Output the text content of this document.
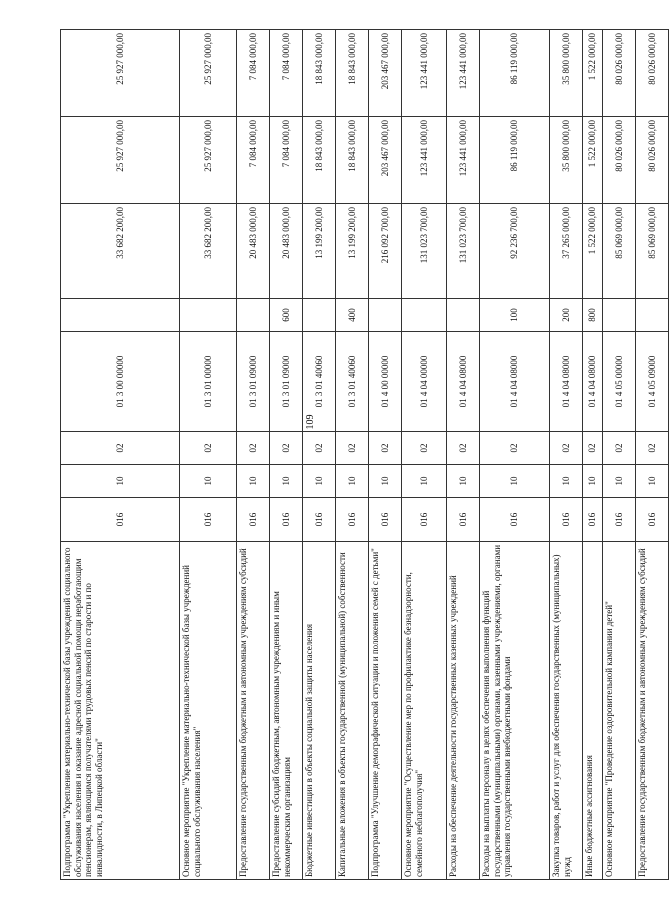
109
Подпрограмма "Укрепление материально-технической базы учреждений социального обслуживания населения и оказание адресной социальной помощи неработающим пенсионерам, являющимся получателями трудовых пенсий по старости и по инвалидности, в Липецкой области"	016	10	02	01 3 00 00000		33 682 200,00	25 927 000,00	25 927 000,00
Основное мероприятие "Укрепление материально-технической базы учреждений социального обслуживания населения"	016	10	02	01 3 01 00000		33 682 200,00	25 927 000,00	25 927 000,00
Предоставление государственным бюджетным и автономным учреждениям субсидий	016	10	02	01 3 01 09000		20 483 000,00	7 084 000,00	7 084 000,00
Предоставление субсидий бюджетным, автономным учреждениям и иным некоммерческим организациям	016	10	02	01 3 01 09000	600	20 483 000,00	7 084 000,00	7 084 000,00
Бюджетные инвестиции в объекты социальной защиты населения	016	10	02	01 3 01 40060		13 199 200,00	18 843 000,00	18 843 000,00
Капитальные вложения в объекты государственной (муниципальной) собственности	016	10	02	01 3 01 40060	400	13 199 200,00	18 843 000,00	18 843 000,00
Подпрограмма "Улучшение демографической ситуации и положения семей с детьми"	016	10	02	01 4 00 00000		216 092 700,00	203 467 000,00	203 467 000,00
Основное мероприятие "Осуществление мер по профилактике безнадзорности, семейного неблагополучия"	016	10	02	01 4 04 00000		131 023 700,00	123 441 000,00	123 441 000,00
Расходы на обеспечение деятельности государственных казенных учреждений	016	10	02	01 4 04 08000		131 023 700,00	123 441 000,00	123 441 000,00
Расходы на выплаты персоналу в целях обеспечения выполнения функций государственными (муниципальными) органами, казенными учреждениями, органами управления государственными внебюджетными фондами	016	10	02	01 4 04 08000	100	92 236 700,00	86 119 000,00	86 119 000,00
Закупка товаров, работ и услуг для обеспечения государственных (муниципальных) нужд	016	10	02	01 4 04 08000	200	37 265 000,00	35 800 000,00	35 800 000,00
Иные бюджетные ассигнования	016	10	02	01 4 04 08000	800	1 522 000,00	1 522 000,00	1 522 000,00
Основное мероприятие "Проведение оздоровительной кампании детей"	016	10	02	01 4 05 00000		85 069 000,00	80 026 000,00	80 026 000,00
Предоставление государственным бюджетным и автономным учреждениям субсидий	016	10	02	01 4 05 09000		85 069 000,00	80 026 000,00	80 026 000,00
